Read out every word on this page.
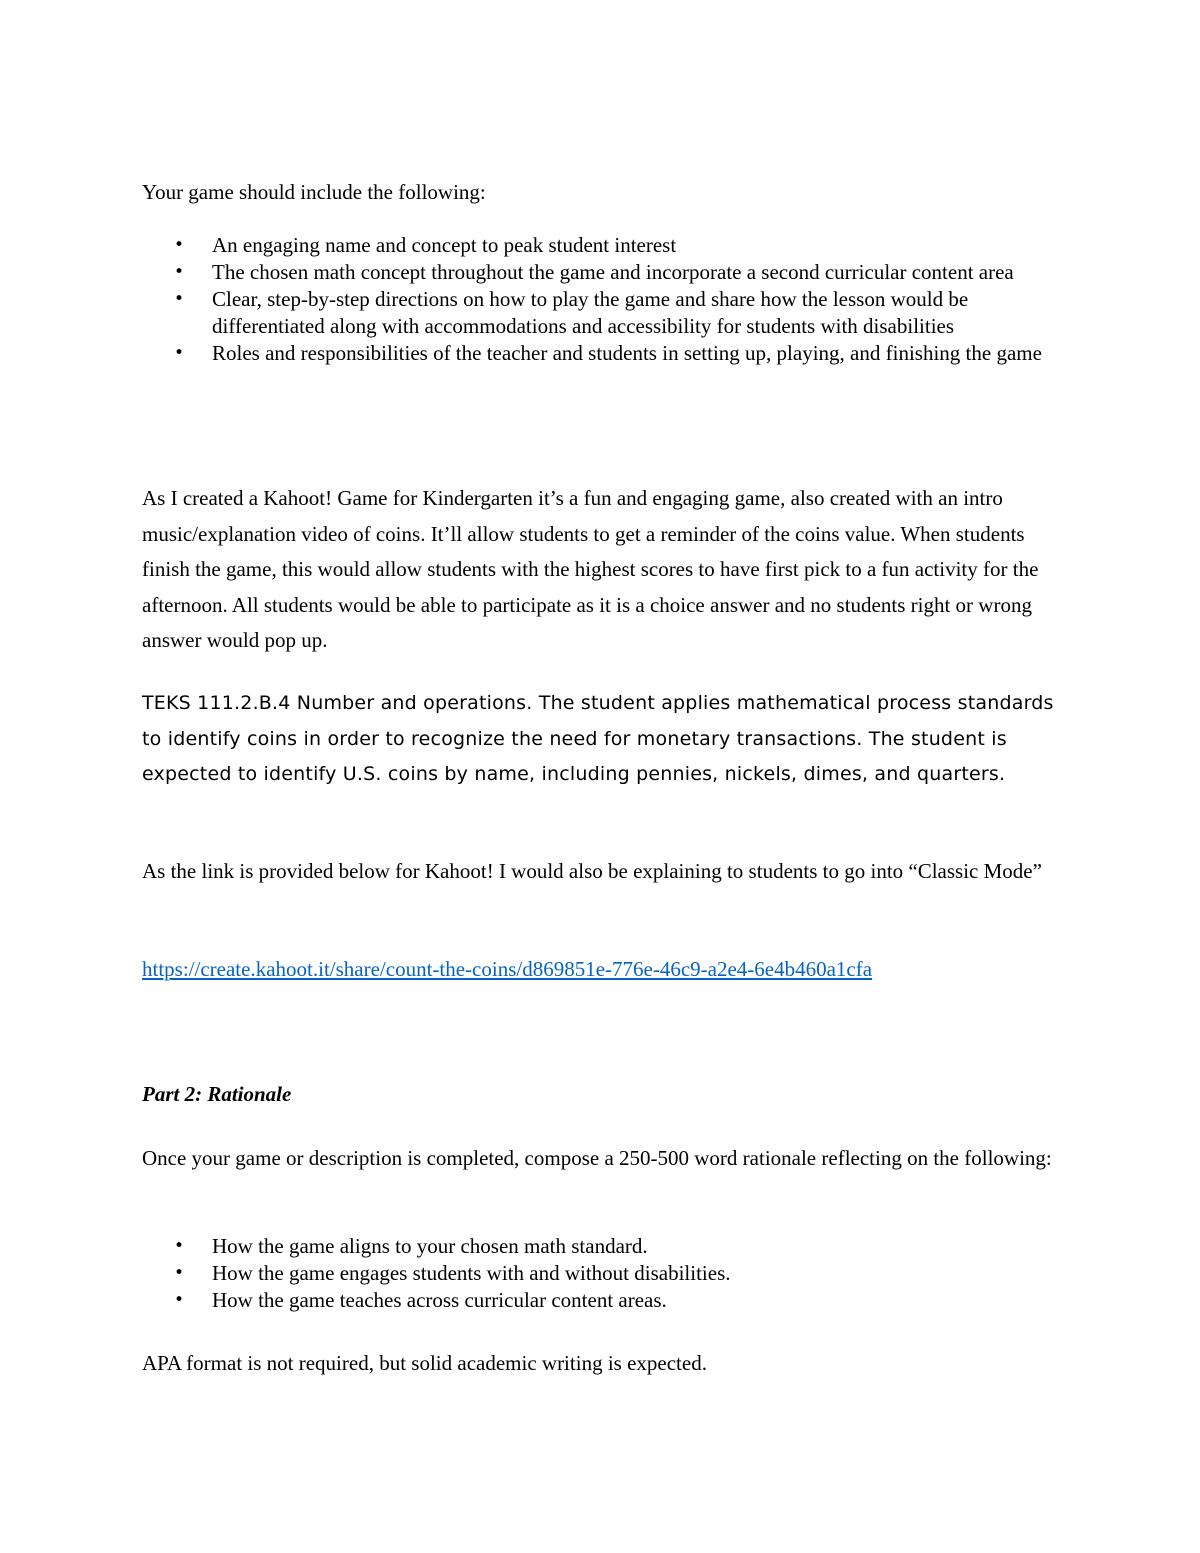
Your game should include the following:

• An engaging name and concept to peak student interest
• The chosen math concept throughout the game and incorporate a second curricular content area
• Clear, step-by-step directions on how to play the game and share how the lesson would be differentiated along with accommodations and accessibility for students with disabilities
• Roles and responsibilities of the teacher and students in setting up, playing, and finishing the game

As I created a Kahoot! Game for Kindergarten it’s a fun and engaging game, also created with an intro music/explanation video of coins. It’ll allow students to get a reminder of the coins value. When students finish the game, this would allow students with the highest scores to have first pick to a fun activity for the afternoon. All students would be able to participate as it is a choice answer and no students right or wrong answer would pop up.

TEKS 111.2.B.4 Number and operations. The student applies mathematical process standards to identify coins in order to recognize the need for monetary transactions. The student is expected to identify U.S. coins by name, including pennies, nickels, dimes, and quarters.

As the link is provided below for Kahoot! I would also be explaining to students to go into “Classic Mode”

https://create.kahoot.it/share/count-the-coins/d869851e-776e-46c9-a2e4-6e4b460a1cfa

Part 2: Rationale

Once your game or description is completed, compose a 250-500 word rationale reflecting on the following:

• How the game aligns to your chosen math standard.
• How the game engages students with and without disabilities.
• How the game teaches across curricular content areas.

APA format is not required, but solid academic writing is expected.
